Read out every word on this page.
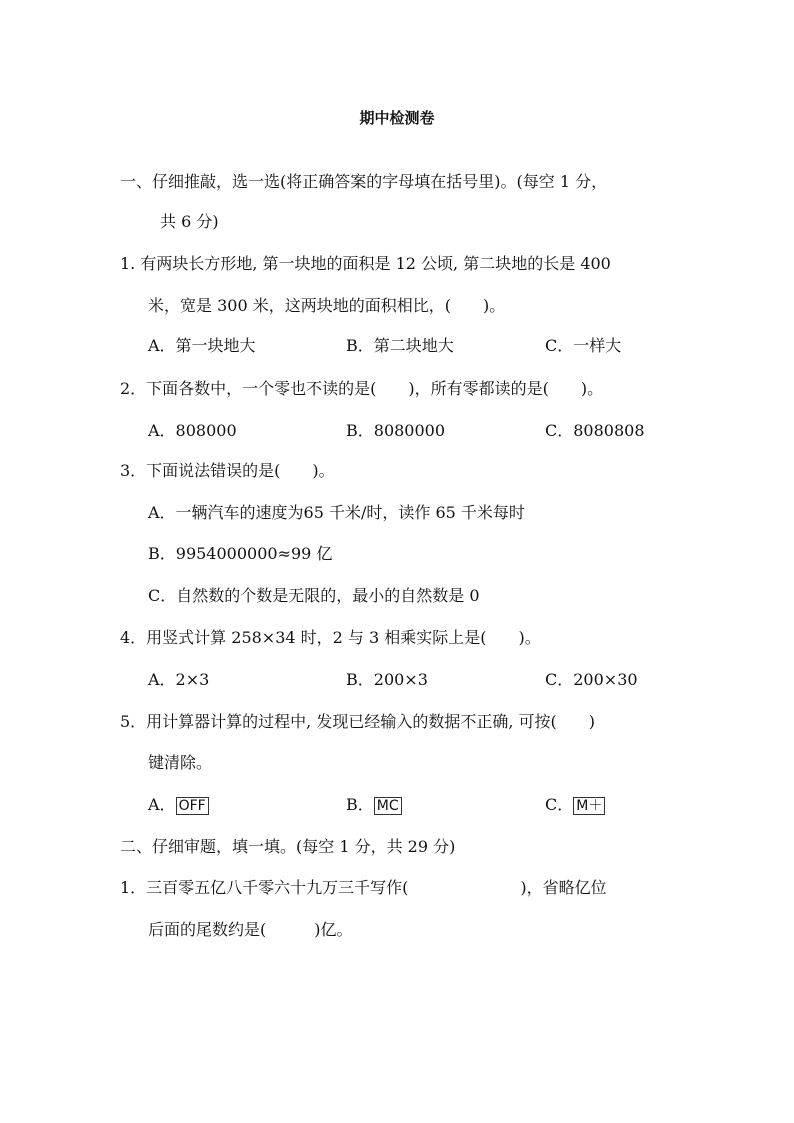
期中检测卷
一、仔细推敲，选一选(将正确答案的字母填在括号里)。(每空 1 分，
共 6 分)
1. 有两块长方形地, 第一块地的面积是 12 公顷, 第二块地的长是 400
米，宽是 300 米，这两块地的面积相比，(　　)。
A．第一块地大	B．第二块地大	C．一样大
2．下面各数中，一个零也不读的是(　　)，所有零都读的是(　　)。
A．808000	B．8080000	C．8080808
3．下面说法错误的是(　　)。
A．一辆汽车的速度为65 千米/时，读作 65 千米每时
B．9954000000≈99 亿
C．自然数的个数是无限的，最小的自然数是 0
4．用竖式计算 258×34 时，2 与 3 相乘实际上是(　　)。
A．2×3	B．200×3	C．200×30
5．用计算器计算的过程中, 发现已经输入的数据不正确, 可按(　　)
键清除。
A． OFF	B． MC	C． M＋
二、仔细审题，填一填。(每空 1 分，共 29 分)
1．三百零五亿八千零六十九万三千写作(　　　　　　　)，省略亿位
后面的尾数约是(　　　)亿。
